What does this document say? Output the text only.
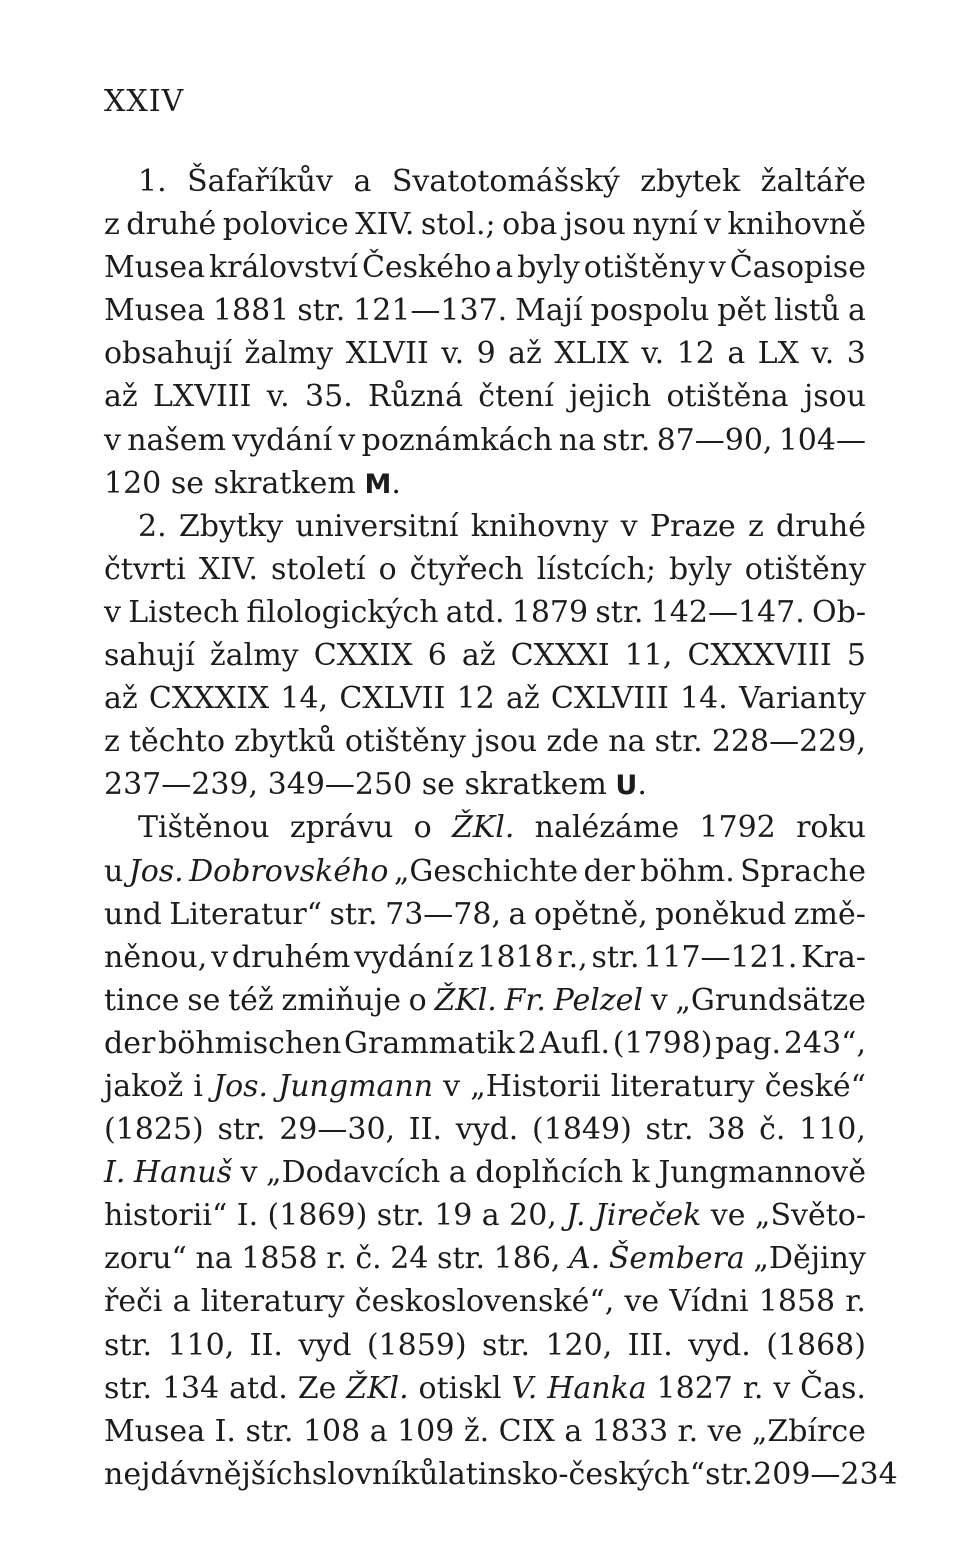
XXIV
1. Šafaříkův a Svatotomášský zbytek žaltáře
z druhé polovice XIV. stol.; oba jsou nyní v knihovně
Musea království Českého a byly otištěny v Časopise
Musea 1881 str. 121—137. Mají pospolu pět listů a
obsahují žalmy XLVII v. 9 až XLIX v. 12 a LX v. 3
až LXVIII v. 35. Různá čtení jejich otištěna jsou
v našem vydání v poznámkách na str. 87—90, 104—
120 se skratkem M .
2. Zbytky universitní knihovny v Praze z druhé
čtvrti XIV. století o čtyřech lístcích; byly otištěny
v Listech filologických atd. 1879 str. 142—147. Ob-
sahují žalmy CXXIX 6 až CXXXI 11, CXXXVIII 5
až CXXXIX 14, CXLVII 12 až CXLVIII 14. Varianty
z těchto zbytků otištěny jsou zde na str. 228—229,
237—239, 349—250 se skratkem U .
Tištěnou zprávu o ŽKl. nalézáme 1792 roku
u Jos. Dobrovského „Geschichte der böhm. Sprache
und Literatur“ str. 73—78, a opětně, poněkud změ-
něnou, v druhém vydání z 1818 r., str. 117—121. Kra-
tince se též zmiňuje o ŽKl. Fr. Pelzel v „Grundsätze
der böhmischen Grammatik 2 Aufl. (1798) pag. 243“,
jakož i Jos. Jungmann v „Historii literatury české“
(1825) str. 29—30, II. vyd. (1849) str. 38 č. 110,
I. Hanuš v „Dodavcích a doplňcích k Jungmannově
historii“ I. (1869) str. 19 a 20, J. Jireček ve „Světo-
zoru“ na 1858 r. č. 24 str. 186, A. Šembera „Dějiny
řeči a literatury československé“, ve Vídni 1858 r.
str. 110, II. vyd (1859) str. 120, III. vyd. (1868)
str. 134 atd. Ze ŽKl. otiskl V. Hanka 1827 r. v Čas.
Musea I. str. 108 a 109 ž. CIX a 1833 r. ve „Zbírce
nejdávnějších slovníků latinsko-českých“ str. 209—234
